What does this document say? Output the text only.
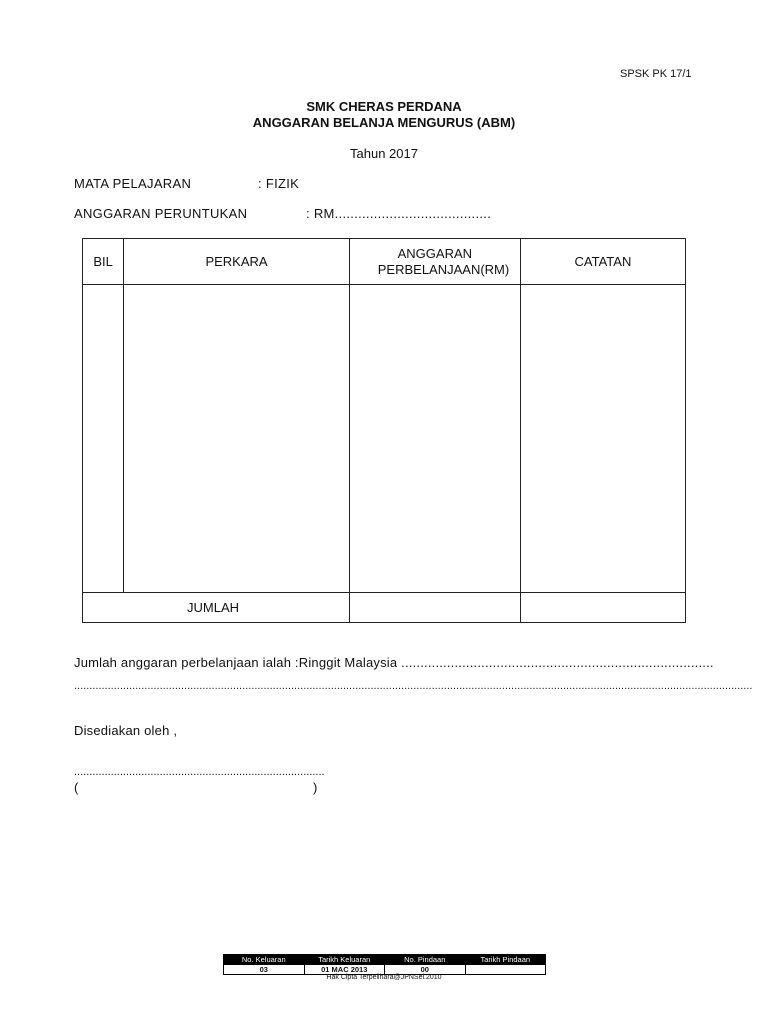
SPSK PK 17/1
SMK CHERAS PERDANA
ANGGARAN BELANJA MENGURUS (ABM)
Tahun 2017
MATA PELAJARAN	: FIZIK
ANGGARAN PERUNTUKAN	: RM........................................
BIL	PERKARA	ANGGARAN PERBELANJAAN(RM)	CATATAN

JUMLAH			
Jumlah anggaran perbelanjaan ialah :Ringgit Malaysia ..................................................................................
..............................................................................................................................................................................................................................
Disediakan oleh ,
..................................................................................
(	)
No. Keluaran	Tarikh Keluaran	No. Pindaan	Tarikh Pindaan
03	01 MAC 2013	00	
Hak Cipta Terpelihara@JPNSel.2010
